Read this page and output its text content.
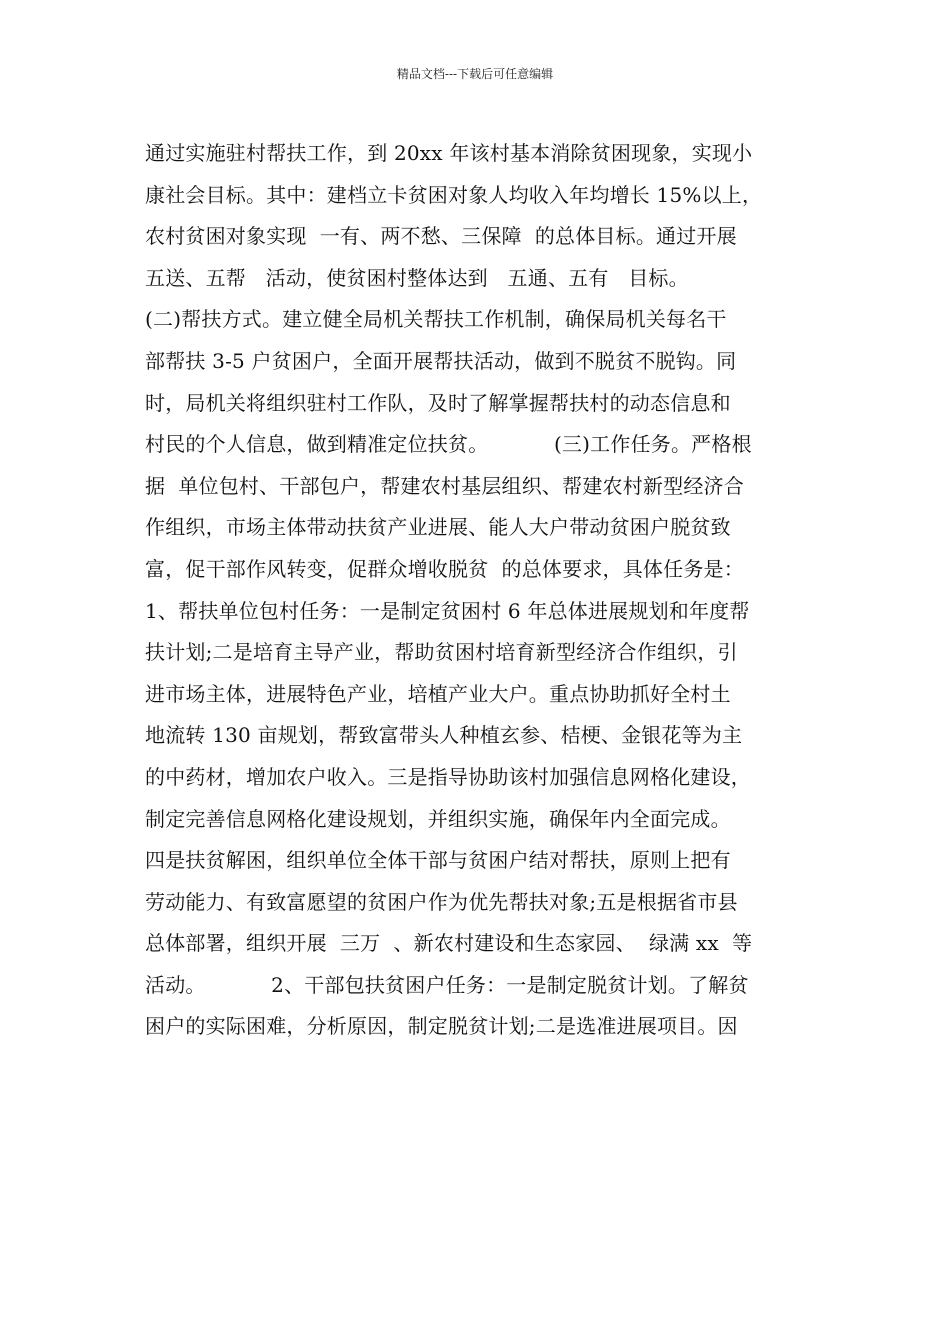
精品文档---下载后可任意编辑
通过实施驻村帮扶工作，到 20xx 年该村基本消除贫困现象，实现小
康社会目标。其中：建档立卡贫困对象人均收入年均增长 15%以上，
农村贫困对象实现  一有、两不愁、三保障  的总体目标。通过开展
五送、五帮   活动，使贫困村整体达到   五通、五有   目标。
(二)帮扶方式。建立健全局机关帮扶工作机制，确保局机关每名干
部帮扶 3-5 户贫困户，全面开展帮扶活动，做到不脱贫不脱钩。同
时，局机关将组织驻村工作队，及时了解掌握帮扶村的动态信息和
村民的个人信息，做到精准定位扶贫。          (三)工作任务。严格根
据  单位包村、干部包户，帮建农村基层组织、帮建农村新型经济合
作组织，市场主体带动扶贫产业进展、能人大户带动贫困户脱贫致
富，促干部作风转变，促群众增收脱贫  的总体要求，具体任务是：
1、帮扶单位包村任务：一是制定贫困村 6 年总体进展规划和年度帮
扶计划;二是培育主导产业，帮助贫困村培育新型经济合作组织，引
进市场主体，进展特色产业，培植产业大户。重点协助抓好全村土
地流转 130 亩规划，帮致富带头人种植玄参、桔梗、金银花等为主
的中药材，增加农户收入。三是指导协助该村加强信息网格化建设，
制定完善信息网格化建设规划，并组织实施，确保年内全面完成。
四是扶贫解困，组织单位全体干部与贫困户结对帮扶，原则上把有
劳动能力、有致富愿望的贫困户作为优先帮扶对象;五是根据省市县
总体部署，组织开展  三万  、新农村建设和生态家园、  绿满 xx  等
活动。          2、干部包扶贫困户任务：一是制定脱贫计划。了解贫
困户的实际困难，分析原因，制定脱贫计划;二是选准进展项目。因
